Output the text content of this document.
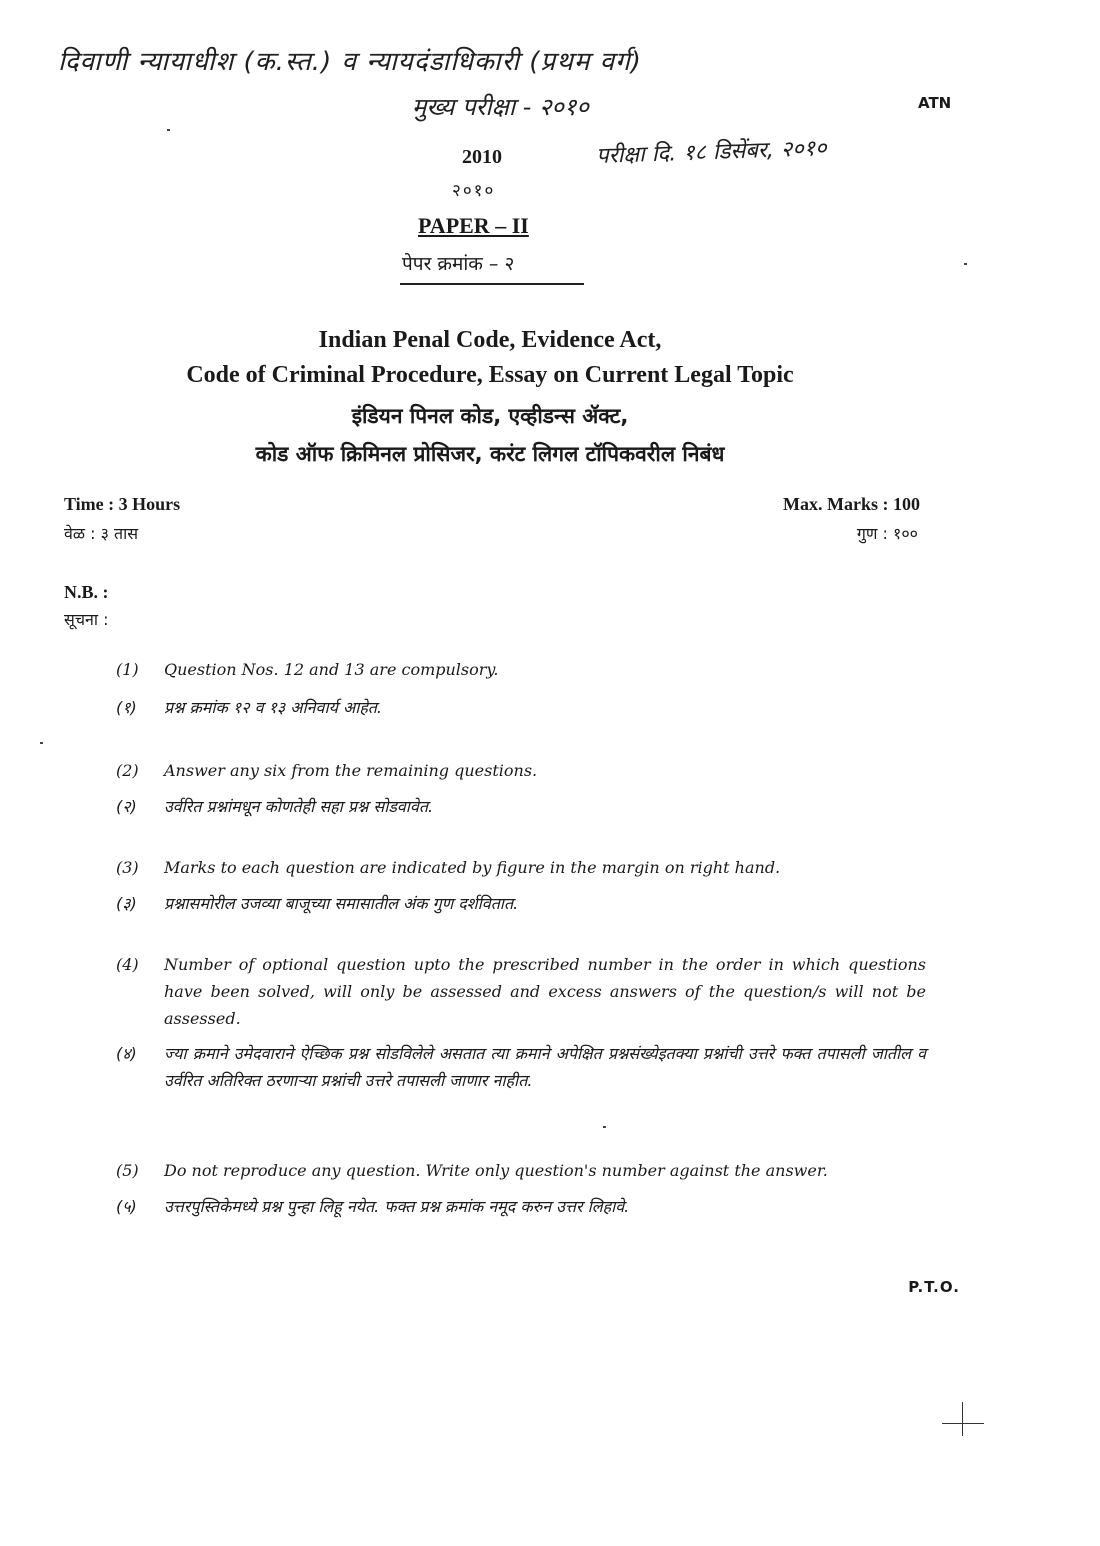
दिवाणी न्यायाधीश (क.स्त.) व न्यायदंडाधिकारी (प्रथम वर्ग)
मुख्य परीक्षा - २०१०
परीक्षा दि. १८ डिसेंबर, २०१०
ATN
2010
२०१०
PAPER – II
पेपर क्रमांक – २
Indian Penal Code, Evidence Act,
Code of Criminal Procedure, Essay on Current Legal Topic
इंडियन पिनल कोड, एव्हीडन्स ॲक्ट,
कोड ऑफ क्रिमिनल प्रोसिजर, करंट लिगल टॉपिकवरील निबंध
Time : 3 Hours
वेळ : ३ तास
Max. Marks : 100
गुण : १००
N.B. :
सूचना :
(1)	Question Nos. 12 and 13 are compulsory.
(१)	प्रश्न क्रमांक १२ व १३ अनिवार्य आहेत.
(2)	Answer any six from the remaining questions.
(२)	उर्वरित प्रश्नांमधून कोणतेही सहा प्रश्न सोडवावेत.
(3)	Marks to each question are indicated by figure in the margin on right hand.
(३)	प्रश्नासमोरील उजव्या बाजूच्या समासातील अंक गुण दर्शवितात.
(4)	Number of optional question upto the prescribed number in the order in which questions have been solved, will only be assessed and excess answers of the question/s will not be assessed.
(४)	ज्या क्रमाने उमेदवाराने ऐच्छिक प्रश्न सोडविलेले असतात त्या क्रमाने अपेक्षित प्रश्नसंख्येइतक्या प्रश्नांची उत्तरे फक्त तपासली जातील व उर्वरित अतिरिक्त ठरणाऱ्या प्रश्नांची उत्तरे तपासली जाणार नाहीत.
(5)	Do not reproduce any question. Write only question's number against the answer.
(५)	उत्तरपुस्तिकेमध्ये प्रश्न पुन्हा लिहू नयेत. फक्त प्रश्न क्रमांक नमूद करुन उत्तर लिहावे.
P.T.O.
